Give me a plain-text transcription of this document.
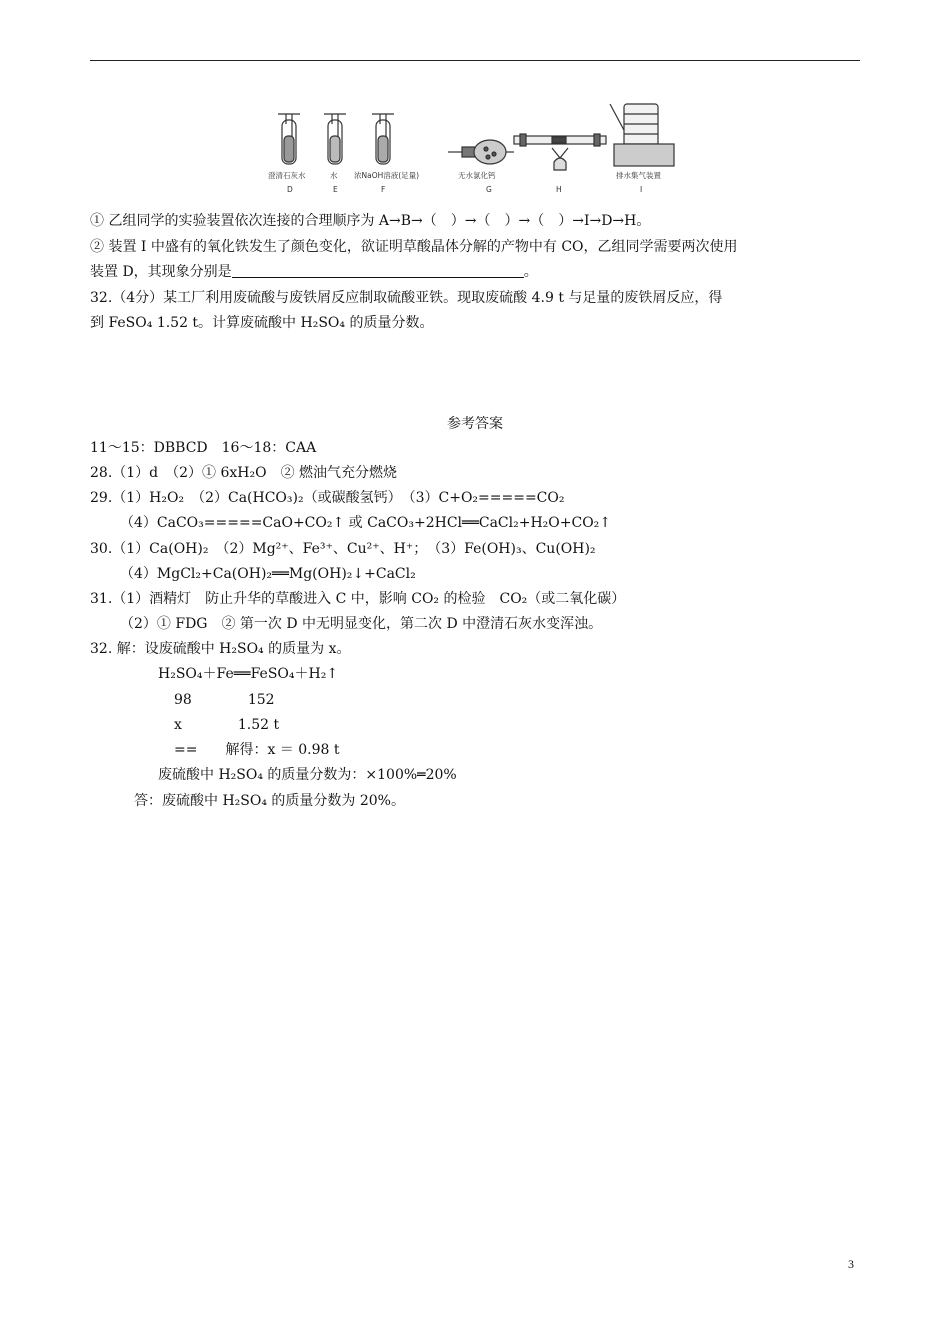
澄清石灰水
D
水
E
浓NaOH溶液(足量)
F
无水氯化钙
G	H
排水集气装置
I
① 乙组同学的实验装置依次连接的合理顺序为 A→B→（　）→（　）→（　）→I→D→H。
② 装置 I 中盛有的氧化铁发生了颜色变化，欲证明草酸晶体分解的产物中有 CO，乙组同学需要两次使用
装置 D，其现象分别是	。
32.（4分）某工厂利用废硫酸与废铁屑反应制取硫酸亚铁。现取废硫酸 4.9 t 与足量的废铁屑反应，得
到 FeSO₄ 1.52 t。计算废硫酸中 H₂SO₄ 的质量分数。
参考答案
11～15：DBBCD　16～18：CAA
28.（1）d　（2）① 6xH₂O　② 燃油气充分燃烧
29.（1）H₂O₂　（2）Ca(HCO₃)₂（或碳酸氢钙）　（3）C+O₂=====CO₂
（4）CaCO₃=====CaO+CO₂↑ 或 CaCO₃+2HCl══CaCl₂+H₂O+CO₂↑
30.（1）Ca(OH)₂　（2）Mg²⁺、Fe³⁺、Cu²⁺、H⁺；　（3）Fe(OH)₃、Cu(OH)₂
（4）MgCl₂+Ca(OH)₂══Mg(OH)₂↓+CaCl₂
31.（1）酒精灯　防止升华的草酸进入 C 中，影响 CO₂ 的检验　CO₂（或二氧化碳）
（2）① FDG　② 第一次 D 中无明显变化，第二次 D 中澄清石灰水变浑浊。
32. 解：设废硫酸中 H₂SO₄ 的质量为 x。
H₂SO₄＋Fe══FeSO₄＋H₂↑
98　　　　152
x　　　　1.52 t
==　　解得：x ＝ 0.98 t
废硫酸中 H₂SO₄ 的质量分数为：×100%═20%
答：废硫酸中 H₂SO₄ 的质量分数为 20%。
3
